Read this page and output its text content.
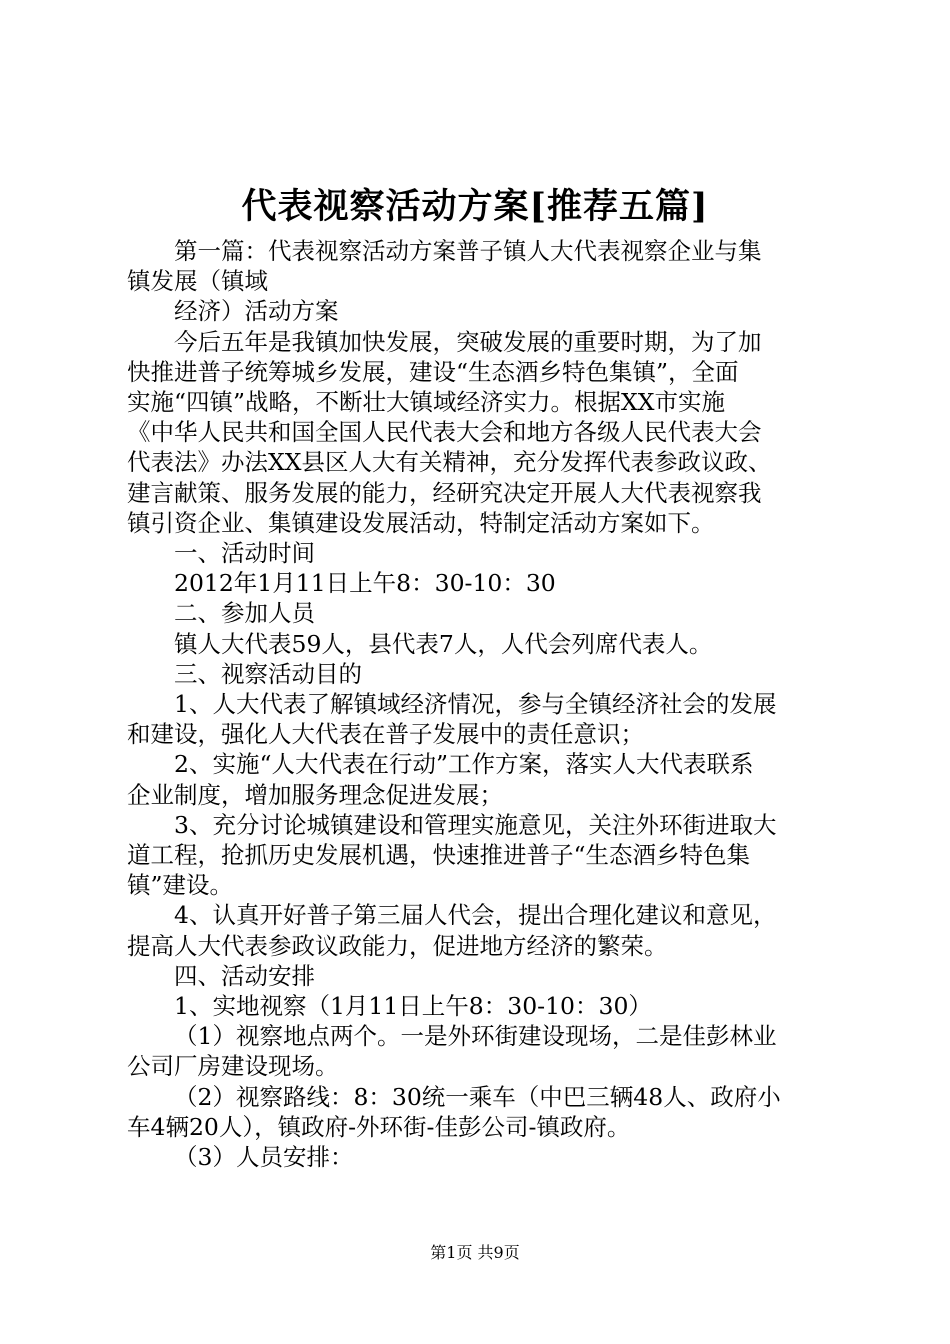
代表视察活动方案[推荐五篇]

第一篇：代表视察活动方案普子镇人大代表视察企业与集

镇发展（镇域

经济）活动方案

今后五年是我镇加快发展，突破发展的重要时期，为了加

快推进普子统筹城乡发展，建设“生态酒乡特色集镇”，全面

实施“四镇”战略，不断壮大镇域经济实力。根据XX市实施

《中华人民共和国全国人民代表大会和地方各级人民代表大会

代表法》办法XX县区人大有关精神，充分发挥代表参政议政、

建言献策、服务发展的能力，经研究决定开展人大代表视察我

镇引资企业、集镇建设发展活动，特制定活动方案如下。

一、活动时间

2012年1月11日上午8：30-10：30

二、参加人员

镇人大代表59人，县代表7人，人代会列席代表人。

三、视察活动目的

1、人大代表了解镇域经济情况，参与全镇经济社会的发展

和建设，强化人大代表在普子发展中的责任意识；

2、实施“人大代表在行动”工作方案，落实人大代表联系

企业制度，增加服务理念促进发展；

3、充分讨论城镇建设和管理实施意见，关注外环街进取大

道工程，抢抓历史发展机遇，快速推进普子“生态酒乡特色集

镇”建设。

4、认真开好普子第三届人代会，提出合理化建议和意见，

提高人大代表参政议政能力，促进地方经济的繁荣。

四、活动安排

1、实地视察（1月11日上午8：30-10：30）

（1）视察地点两个。一是外环街建设现场，二是佳彭林业

公司厂房建设现场。

（2）视察路线：8：30统一乘车（中巴三辆48人、政府小

车4辆20人），镇政府-外环街-佳彭公司-镇政府。

（3）人员安排：

第1页 共9页
